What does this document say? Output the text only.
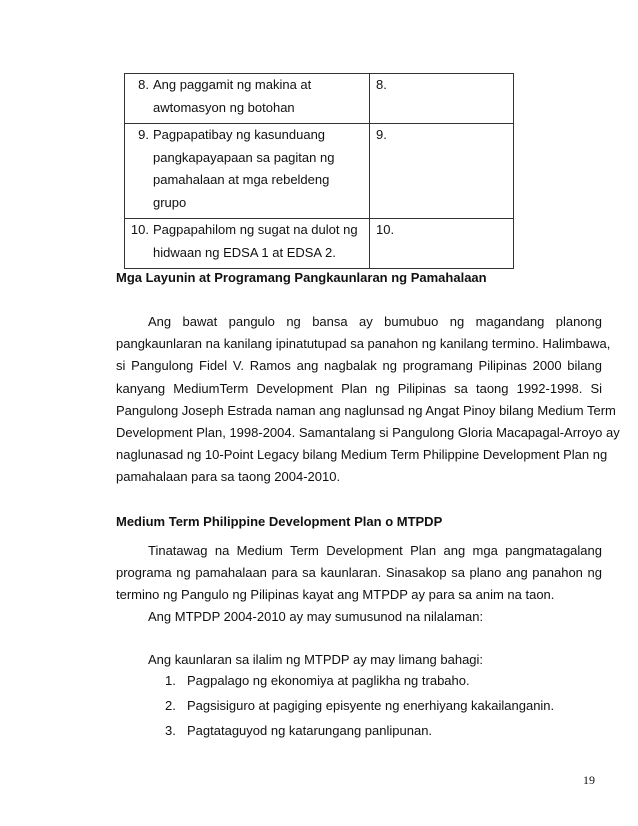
8. Ang paggamit ng makina at
awtomasyon ng botohan	8.
9. Pagpapatibay ng kasunduang
pangkapayapaan sa pagitan ng
pamahalaan at mga rebeldeng grupo	9.
10. Pagpapahilom ng sugat na dulot ng
hidwaan ng EDSA 1 at EDSA 2.	10.
Mga Layunin at Programang Pangkaunlaran ng Pamahalaan
Ang bawat pangulo ng bansa ay bumubuo ng magandang planong
pangkaunlaran na kanilang ipinatutupad sa panahon ng kanilang termino. Halimbawa,
si Pangulong Fidel V. Ramos ang nagbalak ng programang Pilipinas 2000 bilang
kanyang MediumTerm Development Plan ng Pilipinas sa taong 1992-1998. Si
Pangulong Joseph Estrada naman ang naglunsad ng Angat Pinoy bilang Medium Term
Development Plan, 1998-2004. Samantalang si Pangulong Gloria Macapagal-Arroyo ay
naglunasad ng 10-Point Legacy bilang Medium Term Philippine Development Plan ng
pamahalaan para sa taong 2004-2010.
Medium Term Philippine Development Plan o MTPDP
Tinatawag na Medium Term Development Plan ang mga pangmatagalang
programa ng pamahalaan para sa kaunlaran. Sinasakop sa plano ang panahon ng
termino ng Pangulo ng Pilipinas kayat ang MTPDP ay para sa anim na taon.
Ang MTPDP 2004-2010 ay may sumusunod na nilalaman:
Ang kaunlaran sa ilalim ng MTPDP ay may limang bahagi:
1. Pagpalago ng ekonomiya at paglikha ng trabaho.
2. Pagsisiguro at pagiging episyente ng enerhiyang kakailanganin.
3. Pagtataguyod ng katarungang panlipunan.
19
